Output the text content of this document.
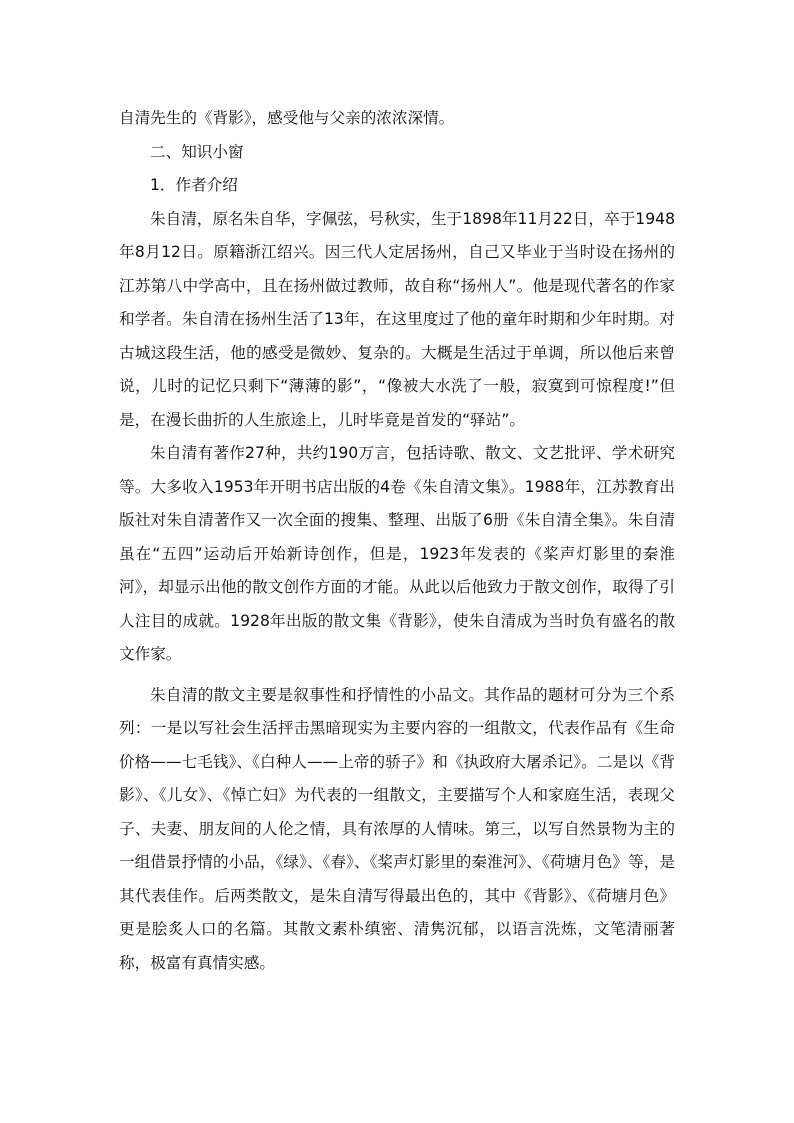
自清先生的《背影》，感受他与父亲的浓浓深情。

二、知识小窗

1．作者介绍

朱自清，原名朱自华，字佩弦，号秋实，生于1898年11月22日，卒于1948年8月12日。原籍浙江绍兴。因三代人定居扬州，自己又毕业于当时设在扬州的江苏第八中学高中，且在扬州做过教师，故自称“扬州人”。他是现代著名的作家和学者。朱自清在扬州生活了13年，在这里度过了他的童年时期和少年时期。对古城这段生活，他的感受是微妙、复杂的。大概是生活过于单调，所以他后来曾说，儿时的记忆只剩下“薄薄的影”，“像被大水洗了一般，寂寞到可惊程度!”但是，在漫长曲折的人生旅途上，儿时毕竟是首发的“驿站”。

朱自清有著作27种，共约190万言，包括诗歌、散文、文艺批评、学术研究等。大多收入1953年开明书店出版的4卷《朱自清文集》。1988年，江苏教育出版社对朱自清著作又一次全面的搜集、整理、出版了6册《朱自清全集》。朱自清虽在“五四”运动后开始新诗创作，但是，1923年发表的《桨声灯影里的秦淮河》，却显示出他的散文创作方面的才能。从此以后他致力于散文创作，取得了引人注目的成就。1928年出版的散文集《背影》，使朱自清成为当时负有盛名的散文作家。

朱自清的散文主要是叙事性和抒情性的小品文。其作品的题材可分为三个系列：一是以写社会生活抨击黑暗现实为主要内容的一组散文，代表作品有《生命价格——七毛钱》、《白种人——上帝的骄子》和《执政府大屠杀记》。二是以《背影》、《儿女》、《悼亡妇》为代表的一组散文，主要描写个人和家庭生活，表现父子、夫妻、朋友间的人伦之情，具有浓厚的人情味。第三，以写自然景物为主的一组借景抒情的小品，《绿》、《春》、《桨声灯影里的秦淮河》、《荷塘月色》等，是其代表佳作。后两类散文，是朱自清写得最出色的，其中《背影》、《荷塘月色》更是脍炙人口的名篇。其散文素朴缜密、清隽沉郁，以语言洗炼，文笔清丽著称，极富有真情实感。
